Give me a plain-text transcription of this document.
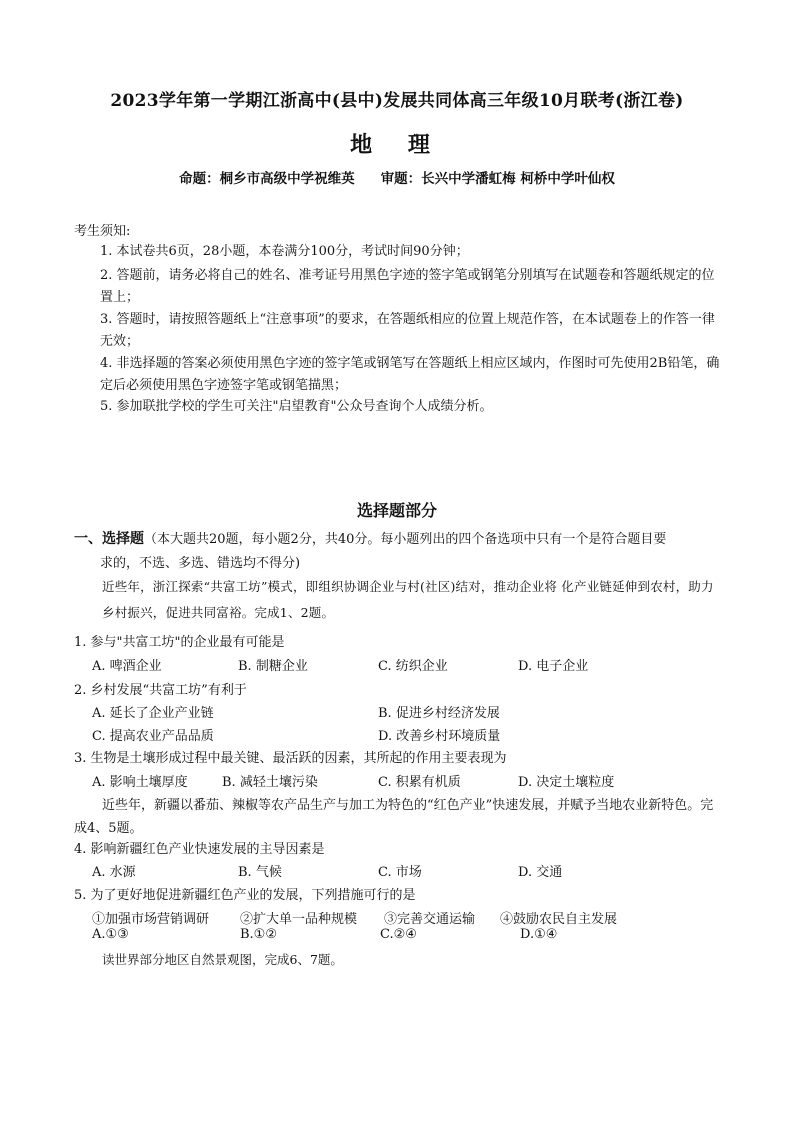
2023学年第一学期江浙高中(县中)发展共同体高三年级10月联考(浙江卷)
地 理
命题：桐乡市高级中学祝维英 审题：长兴中学潘虹梅 柯桥中学叶仙权
考生须知:
1. 本试卷共6页，28小题，本卷满分100分，考试时间90分钟；
2. 答题前，请务必将自己的姓名、准考证号用黑色字迹的签字笔或钢笔分别填写在试题卷和答题纸规定的位置上；
3. 答题时，请按照答题纸上“注意事项”的要求，在答题纸相应的位置上规范作答，在本试题卷上的作答一律无效；
4. 非选择题的答案必须使用黑色字迹的签字笔或钢笔写在答题纸上相应区域内，作图时可先使用2B铅笔，确定后必须使用黑色字迹签字笔或钢笔描黑；
5. 参加联批学校的学生可关注"启望教育"公众号查询个人成绩分析。
选择题部分
一、选择题（本大题共20题，每小题2分，共40分。每小题列出的四个备选项中只有一个是符合题目要
求的，不选、多选、错选均不得分)
近些年，浙江探索“共富工坊”模式，即组织协调企业与村(社区)结对，推动企业将 化产业链延伸到农村，助力乡村振兴，促进共同富裕。完成1、2题。
1. 参与"共富工坊"的企业最有可能是
A. 啤酒企业	B. 制糖企业	C. 纺织企业	D. 电子企业
2. 乡村发展“共富工坊”有利于
A. 延长了企业产业链	B. 促进乡村经济发展
C. 提高农业产品品质	D. 改善乡村环境质量
3. 生物是土壤形成过程中最关键、最活跃的因素，其所起的作用主要表现为
A. 影响土壤厚度	B. 减轻土壤污染	C. 积累有机质	D. 决定土壤粒度
近些年，新疆以番茄、辣椒等农产品生产与加工为特色的“红色产业”快速发展，并赋予当地农业新特色。完成4、5题。
4. 影响新疆红色产业快速发展的主导因素是
A. 水源	B. 气候	C. 市场	D. 交通
5. 为了更好地促进新疆红色产业的发展，下列措施可行的是
①加强市场营销调研 ②扩大单一品种规模 ③完善交通运输 ④鼓励农民自主发展
A.①③	B.①②	C.②④	D.①④
读世界部分地区自然景观图，完成6、7题。
